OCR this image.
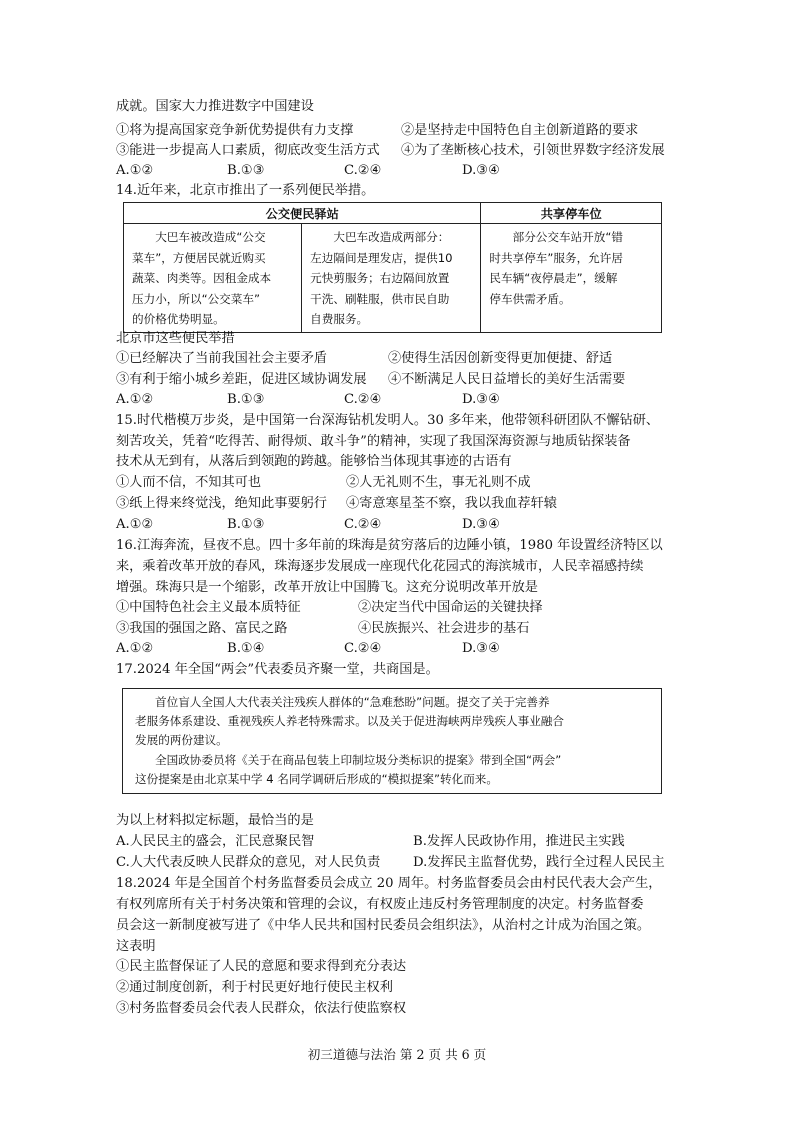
成就。国家大力推进数字中国建设
①将为提高国家竞争新优势提供有力支撑	②是坚持走中国特色自主创新道路的要求
③能进一步提高人口素质，彻底改变生活方式 ④为了垄断核心技术，引领世界数字经济发展
A.①②	B.①③	C.②④	D.③④
14.近年来，北京市推出了一系列便民举措。
公交便民驿站		共享停车位
　　大巴车被改造成“公交
菜车”，方便居民就近购买
蔬菜、肉类等。因租金成本
压力小，所以“公交菜车”
的价格优势明显。	　　大巴车改造成两部分：
左边隔间是理发店，提供10
元快剪服务；右边隔间放置
干洗、刷鞋服，供市民自助
自费服务。	　　部分公交车站开放“错
时共享停车”服务，允许居
民车辆“夜停晨走”，缓解
停车供需矛盾。
北京市这些便民举措
①已经解决了当前我国社会主要矛盾	②使得生活因创新变得更加便捷、舒适
③有利于缩小城乡差距，促进区域协调发展 ④不断满足人民日益增长的美好生活需要
A.①②	B.①③	C.②④	D.③④
15.时代楷模万步炎，是中国第一台深海钻机发明人。30 多年来，他带领科研团队不懈钻研、
刻苦攻关，凭着“吃得苦、耐得烦、敢斗争”的精神，实现了我国深海资源与地质钻探装备
技术从无到有，从落后到领跑的跨越。能够恰当体现其事迹的古语有
①人而不信，不知其可也	②人无礼则不生，事无礼则不成
③纸上得来终觉浅，绝知此事要躬行 ④寄意寒星荃不察，我以我血荐轩辕
A.①②	B.①③	C.②④	D.③④
16.江海奔流，昼夜不息。四十多年前的珠海是贫穷落后的边陲小镇，1980 年设置经济特区以
来，乘着改革开放的春风，珠海逐步发展成一座现代化花园式的海滨城市，人民幸福感持续
增强。珠海只是一个缩影，改革开放让中国腾飞。这充分说明改革开放是
①中国特色社会主义最本质特征	②决定当代中国命运的关键抉择
③我国的强国之路、富民之路	④民族振兴、社会进步的基石
A.①②	B.①④	C.②④	D.③④
17.2024 年全国“两会”代表委员齐聚一堂，共商国是。
首位盲人全国人大代表关注残疾人群体的“急难愁盼”问题。提交了关于完善养
老服务体系建设、重视残疾人养老特殊需求。以及关于促进海峡两岸残疾人事业融合
发展的两份建议。
全国政协委员将《关于在商品包装上印制垃圾分类标识的提案》带到全国“两会”
这份提案是由北京某中学 4 名同学调研后形成的“模拟提案”转化而来。
为以上材料拟定标题，最恰当的是
A.人民民主的盛会，汇民意聚民智	B.发挥人民政协作用，推进民主实践
C.人大代表反映人民群众的意见，对人民负责 D.发挥民主监督优势，践行全过程人民民主
18.2024 年是全国首个村务监督委员会成立 20 周年。村务监督委员会由村民代表大会产生，
有权列席所有关于村务决策和管理的会议，有权废止违反村务管理制度的决定。村务监督委
员会这一新制度被写进了《中华人民共和国村民委员会组织法》，从治村之计成为治国之策。
这表明
①民主监督保证了人民的意愿和要求得到充分表达
②通过制度创新，利于村民更好地行使民主权利
③村务监督委员会代表人民群众，依法行使监察权
初三道德与法治 第 2 页 共 6 页
